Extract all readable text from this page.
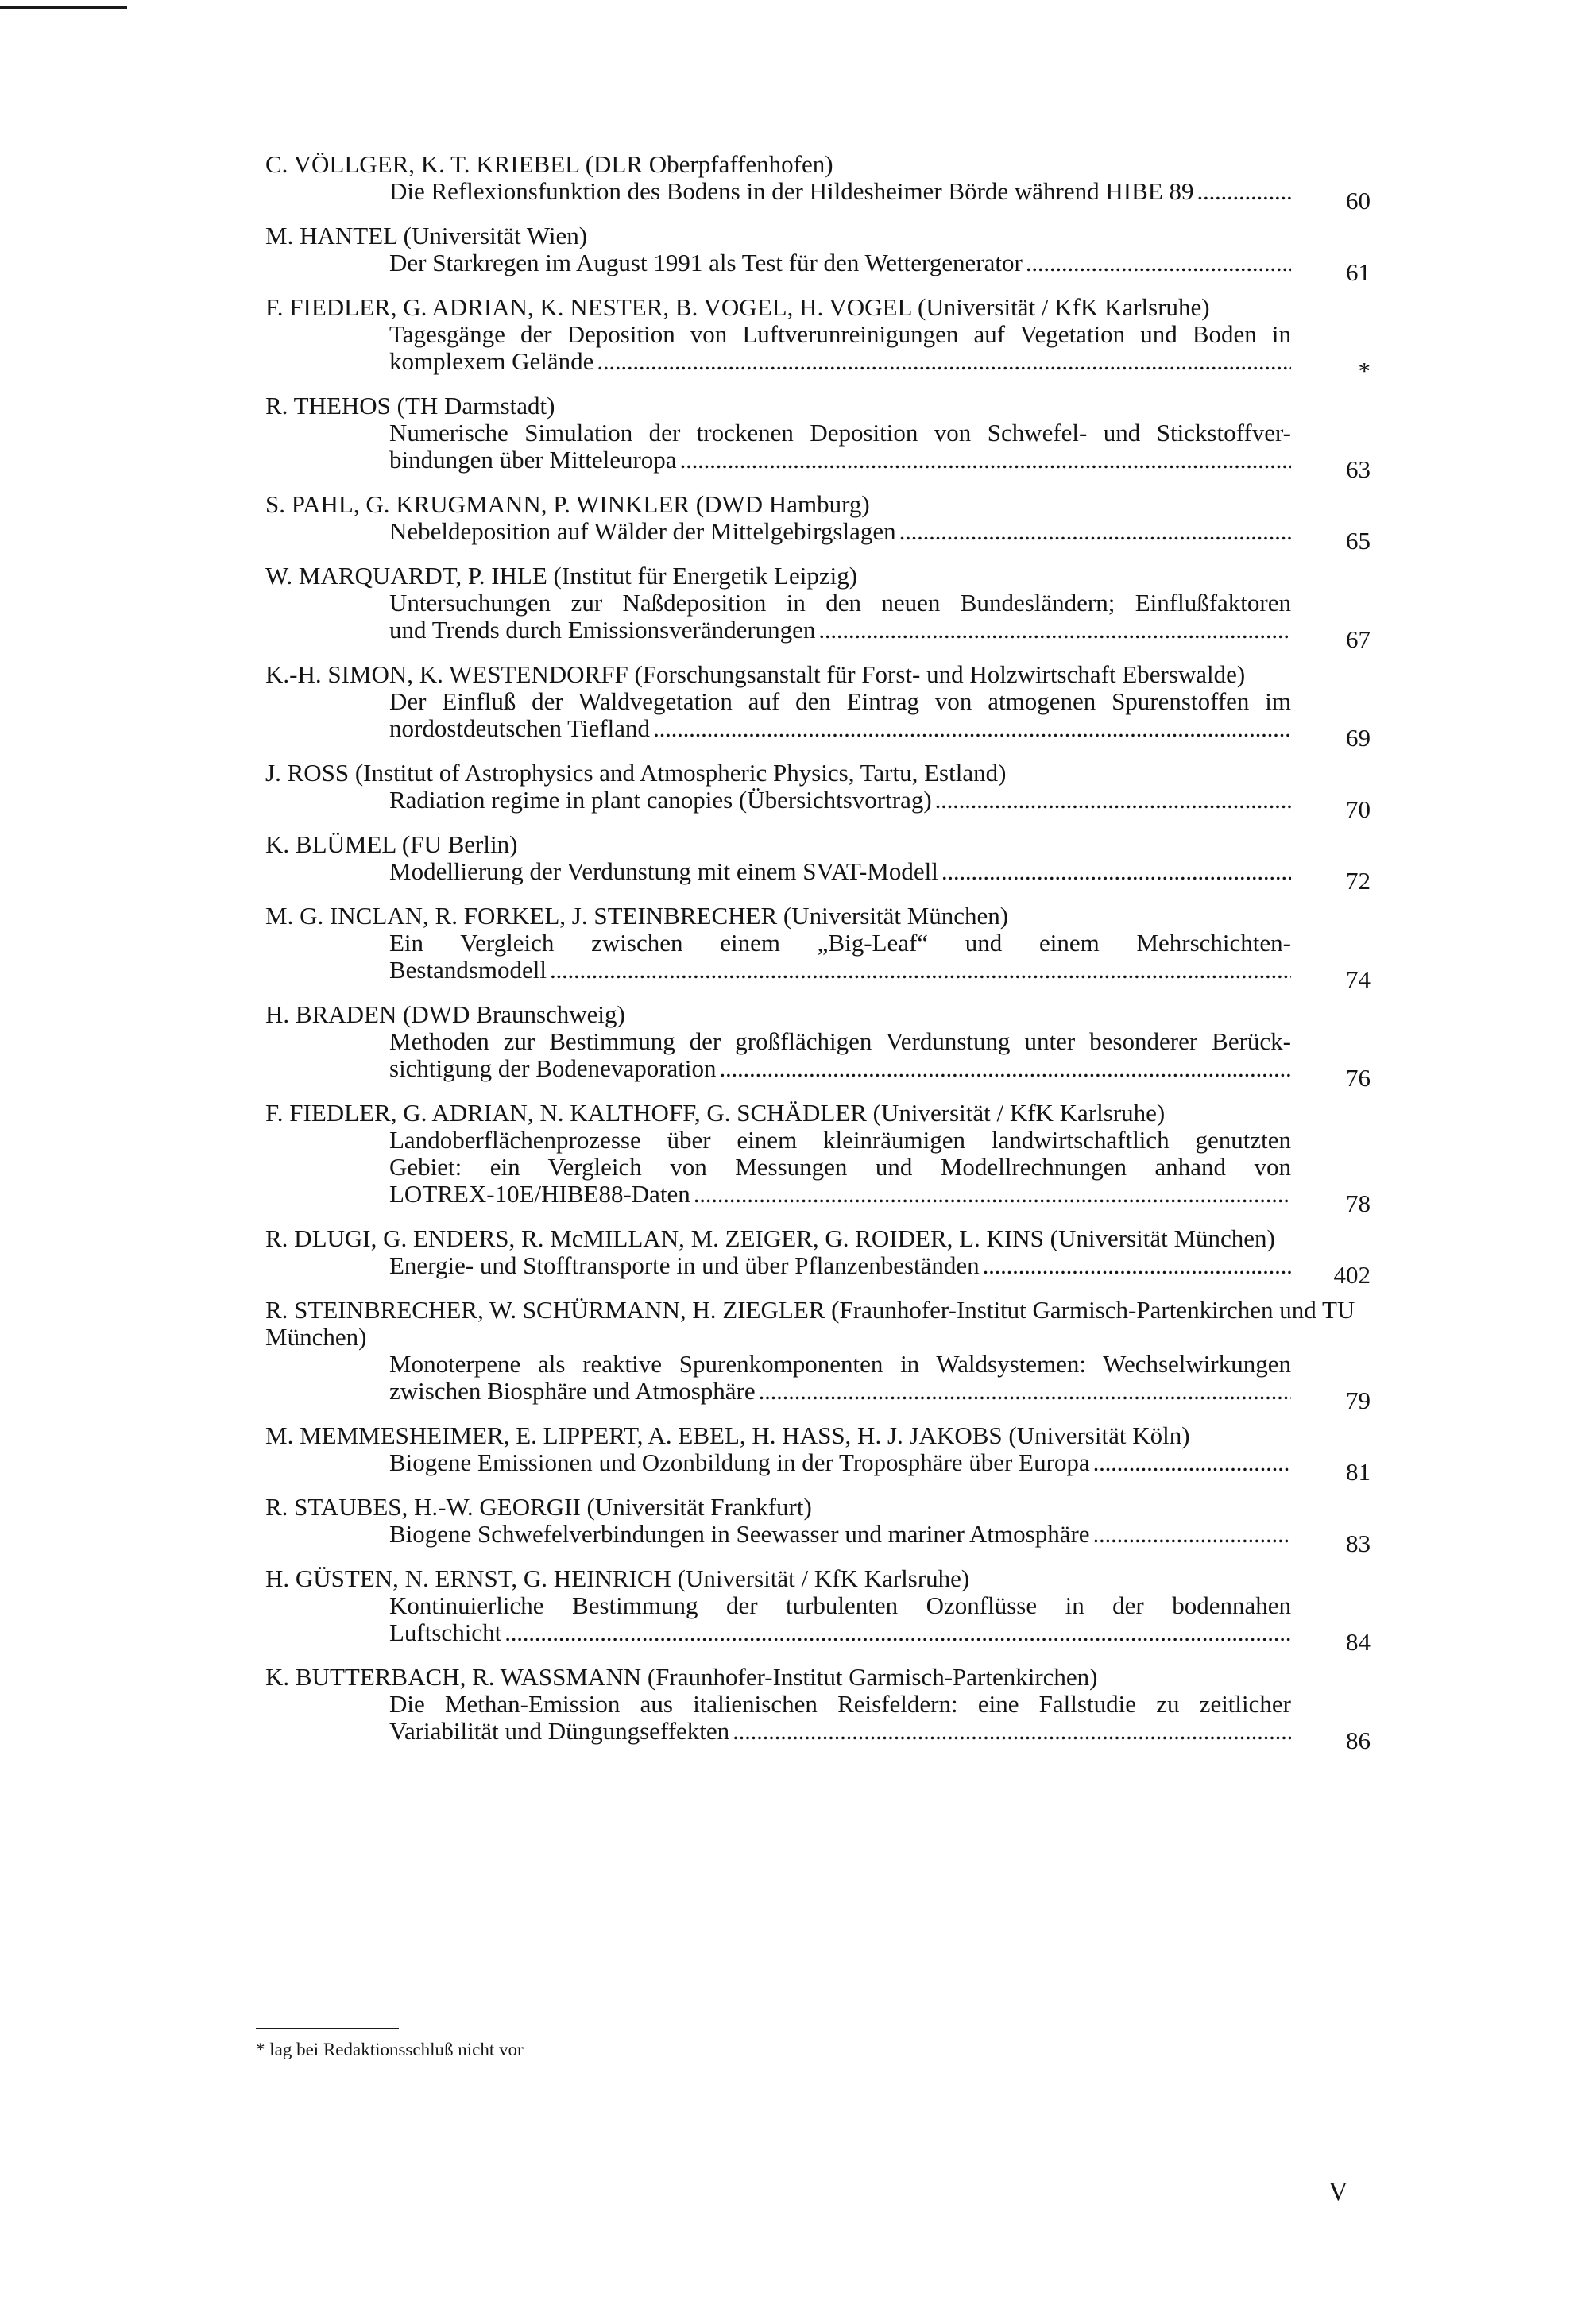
C. VÖLLGER, K. T. KRIEBEL (DLR Oberpfaffenhofen)
Die Reflexionsfunktion des Bodens in der Hildesheimer Börde während HIBE 89 . . .	60
M. HANTEL (Universität Wien)
Der Starkregen im August 1991 als Test für den Wettergenerator . . .	61
F. FIEDLER, G. ADRIAN, K. NESTER, B. VOGEL, H. VOGEL (Universität / KfK Karlsruhe)
Tagesgänge der Deposition von Luftverunreinigungen auf Vegetation und Boden in
komplexem Gelände . . .	*
R. THEHOS (TH Darmstadt)
Numerische Simulation der trockenen Deposition von Schwefel- und Stickstoffver-
bindungen über Mitteleuropa . . .	63
S. PAHL, G. KRUGMANN, P. WINKLER (DWD Hamburg)
Nebeldeposition auf Wälder der Mittelgebirgslagen . . .	65
W. MARQUARDT, P. IHLE (Institut für Energetik Leipzig)
Untersuchungen zur Naßdeposition in den neuen Bundesländern; Einflußfaktoren
und Trends durch Emissionsveränderungen . . .	67
K.-H. SIMON, K. WESTENDORFF (Forschungsanstalt für Forst- und Holzwirtschaft Eberswalde)
Der Einfluß der Waldvegetation auf den Eintrag von atmogenen Spurenstoffen im
nordostdeutschen Tiefland . . .	69
J. ROSS (Institut of Astrophysics and Atmospheric Physics, Tartu, Estland)
Radiation regime in plant canopies (Übersichtsvortrag) . . .	70
K. BLÜMEL (FU Berlin)
Modellierung der Verdunstung mit einem SVAT-Modell . . .	72
M. G. INCLAN, R. FORKEL, J. STEINBRECHER (Universität München)
Ein Vergleich zwischen einem „Big-Leaf“ und einem Mehrschichten-
Bestandsmodell . . .	74
H. BRADEN (DWD Braunschweig)
Methoden zur Bestimmung der großflächigen Verdunstung unter besonderer Berück-
sichtigung der Bodenevaporation . . .	76
F. FIEDLER, G. ADRIAN, N. KALTHOFF, G. SCHÄDLER (Universität / KfK Karlsruhe)
Landoberflächenprozesse über einem kleinräumigen landwirtschaftlich genutzten
Gebiet: ein Vergleich von Messungen und Modellrechnungen anhand von
LOTREX-10E/HIBE88-Daten . . .	78
R. DLUGI, G. ENDERS, R. McMILLAN, M. ZEIGER, G. ROIDER, L. KINS (Universität München)
Energie- und Stofftransporte in und über Pflanzenbeständen . . .	402
R. STEINBRECHER, W. SCHÜRMANN, H. ZIEGLER (Fraunhofer-Institut Garmisch-Partenkirchen und TU München)
Monoterpene als reaktive Spurenkomponenten in Waldsystemen: Wechselwirkungen
zwischen Biosphäre und Atmosphäre . . .	79
M. MEMMESHEIMER, E. LIPPERT, A. EBEL, H. HASS, H. J. JAKOBS (Universität Köln)
Biogene Emissionen und Ozonbildung in der Troposphäre über Europa . . .	81
R. STAUBES, H.-W. GEORGII (Universität Frankfurt)
Biogene Schwefelverbindungen in Seewasser und mariner Atmosphäre . . .	83
H. GÜSTEN, N. ERNST, G. HEINRICH (Universität / KfK Karlsruhe)
Kontinuierliche Bestimmung der turbulenten Ozonflüsse in der bodennahen
Luftschicht . . .	84
K. BUTTERBACH, R. WASSMANN (Fraunhofer-Institut Garmisch-Partenkirchen)
Die Methan-Emission aus italienischen Reisfeldern: eine Fallstudie zu zeitlicher
Variabilität und Düngungseffekten . . .	86
* lag bei Redaktionsschluß nicht vor
V
